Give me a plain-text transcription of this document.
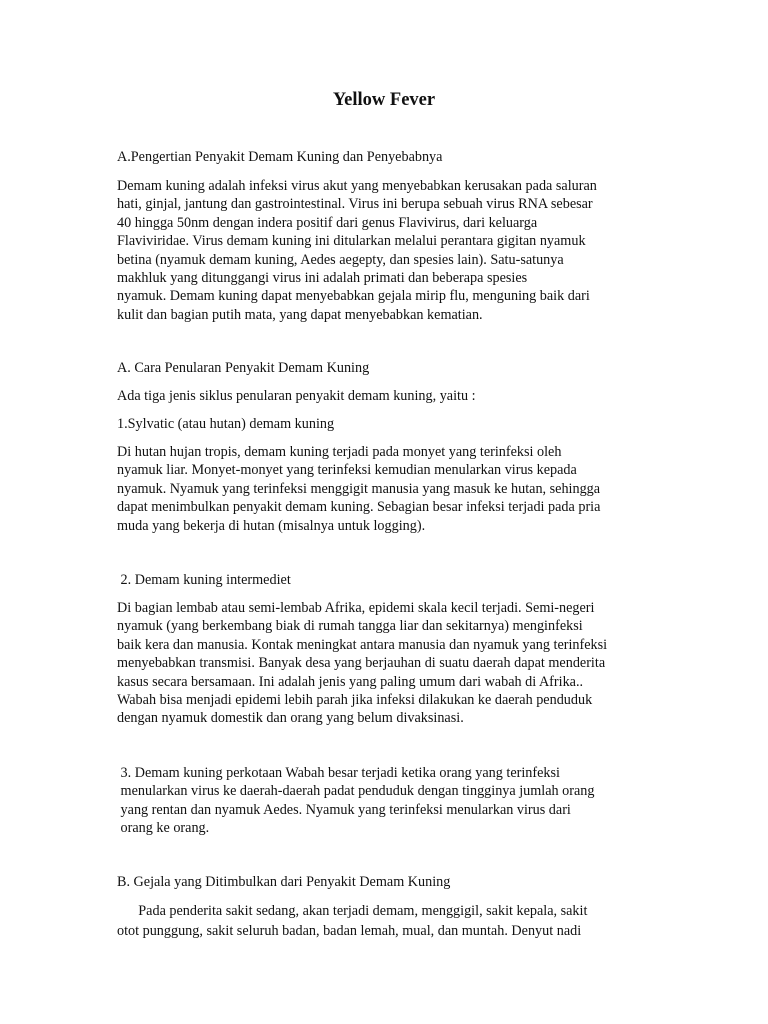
Yellow Fever
A.Pengertian Penyakit Demam Kuning dan Penyebabnya
Demam kuning adalah infeksi virus akut yang menyebabkan kerusakan pada saluran
hati, ginjal, jantung dan gastrointestinal. Virus ini berupa sebuah virus RNA sebesar
40 hingga 50nm dengan indera positif dari genus Flavivirus, dari keluarga
Flaviviridae. Virus demam kuning ini ditularkan melalui perantara gigitan nyamuk
betina (nyamuk demam kuning, Aedes aegepty, dan spesies lain). Satu-satunya
makhluk yang ditunggangi virus ini adalah primati dan beberapa spesies
nyamuk. Demam kuning dapat menyebabkan gejala mirip flu, menguning baik dari
kulit dan bagian putih mata, yang dapat menyebabkan kematian.
A. Cara Penularan Penyakit Demam Kuning
Ada tiga jenis siklus penularan penyakit demam kuning, yaitu :
1.Sylvatic (atau hutan) demam kuning
Di hutan hujan tropis, demam kuning terjadi pada monyet yang terinfeksi oleh
nyamuk liar. Monyet-monyet yang terinfeksi kemudian menularkan virus kepada
nyamuk. Nyamuk yang terinfeksi menggigit manusia yang masuk ke hutan, sehingga
dapat menimbulkan penyakit demam kuning. Sebagian besar infeksi terjadi pada pria
muda yang bekerja di hutan (misalnya untuk logging).
2. Demam kuning intermediet
Di bagian lembab atau semi-lembab Afrika, epidemi skala kecil terjadi. Semi-negeri
nyamuk (yang berkembang biak di rumah tangga liar dan sekitarnya) menginfeksi
baik kera dan manusia. Kontak meningkat antara manusia dan nyamuk yang terinfeksi
menyebabkan transmisi. Banyak desa yang berjauhan di suatu daerah dapat menderita
kasus secara bersamaan. Ini adalah jenis yang paling umum dari wabah di Afrika..
Wabah bisa menjadi epidemi lebih parah jika infeksi dilakukan ke daerah penduduk
dengan nyamuk domestik dan orang yang belum divaksinasi.
3. Demam kuning perkotaan Wabah besar terjadi ketika orang yang terinfeksi
menularkan virus ke daerah-daerah padat penduduk dengan tingginya jumlah orang
yang rentan dan nyamuk Aedes. Nyamuk yang terinfeksi menularkan virus dari
orang ke orang.
B. Gejala yang Ditimbulkan dari Penyakit Demam Kuning
Pada penderita sakit sedang, akan terjadi demam, menggigil, sakit kepala, sakit
otot punggung, sakit seluruh badan, badan lemah, mual, dan muntah. Denyut nadi
